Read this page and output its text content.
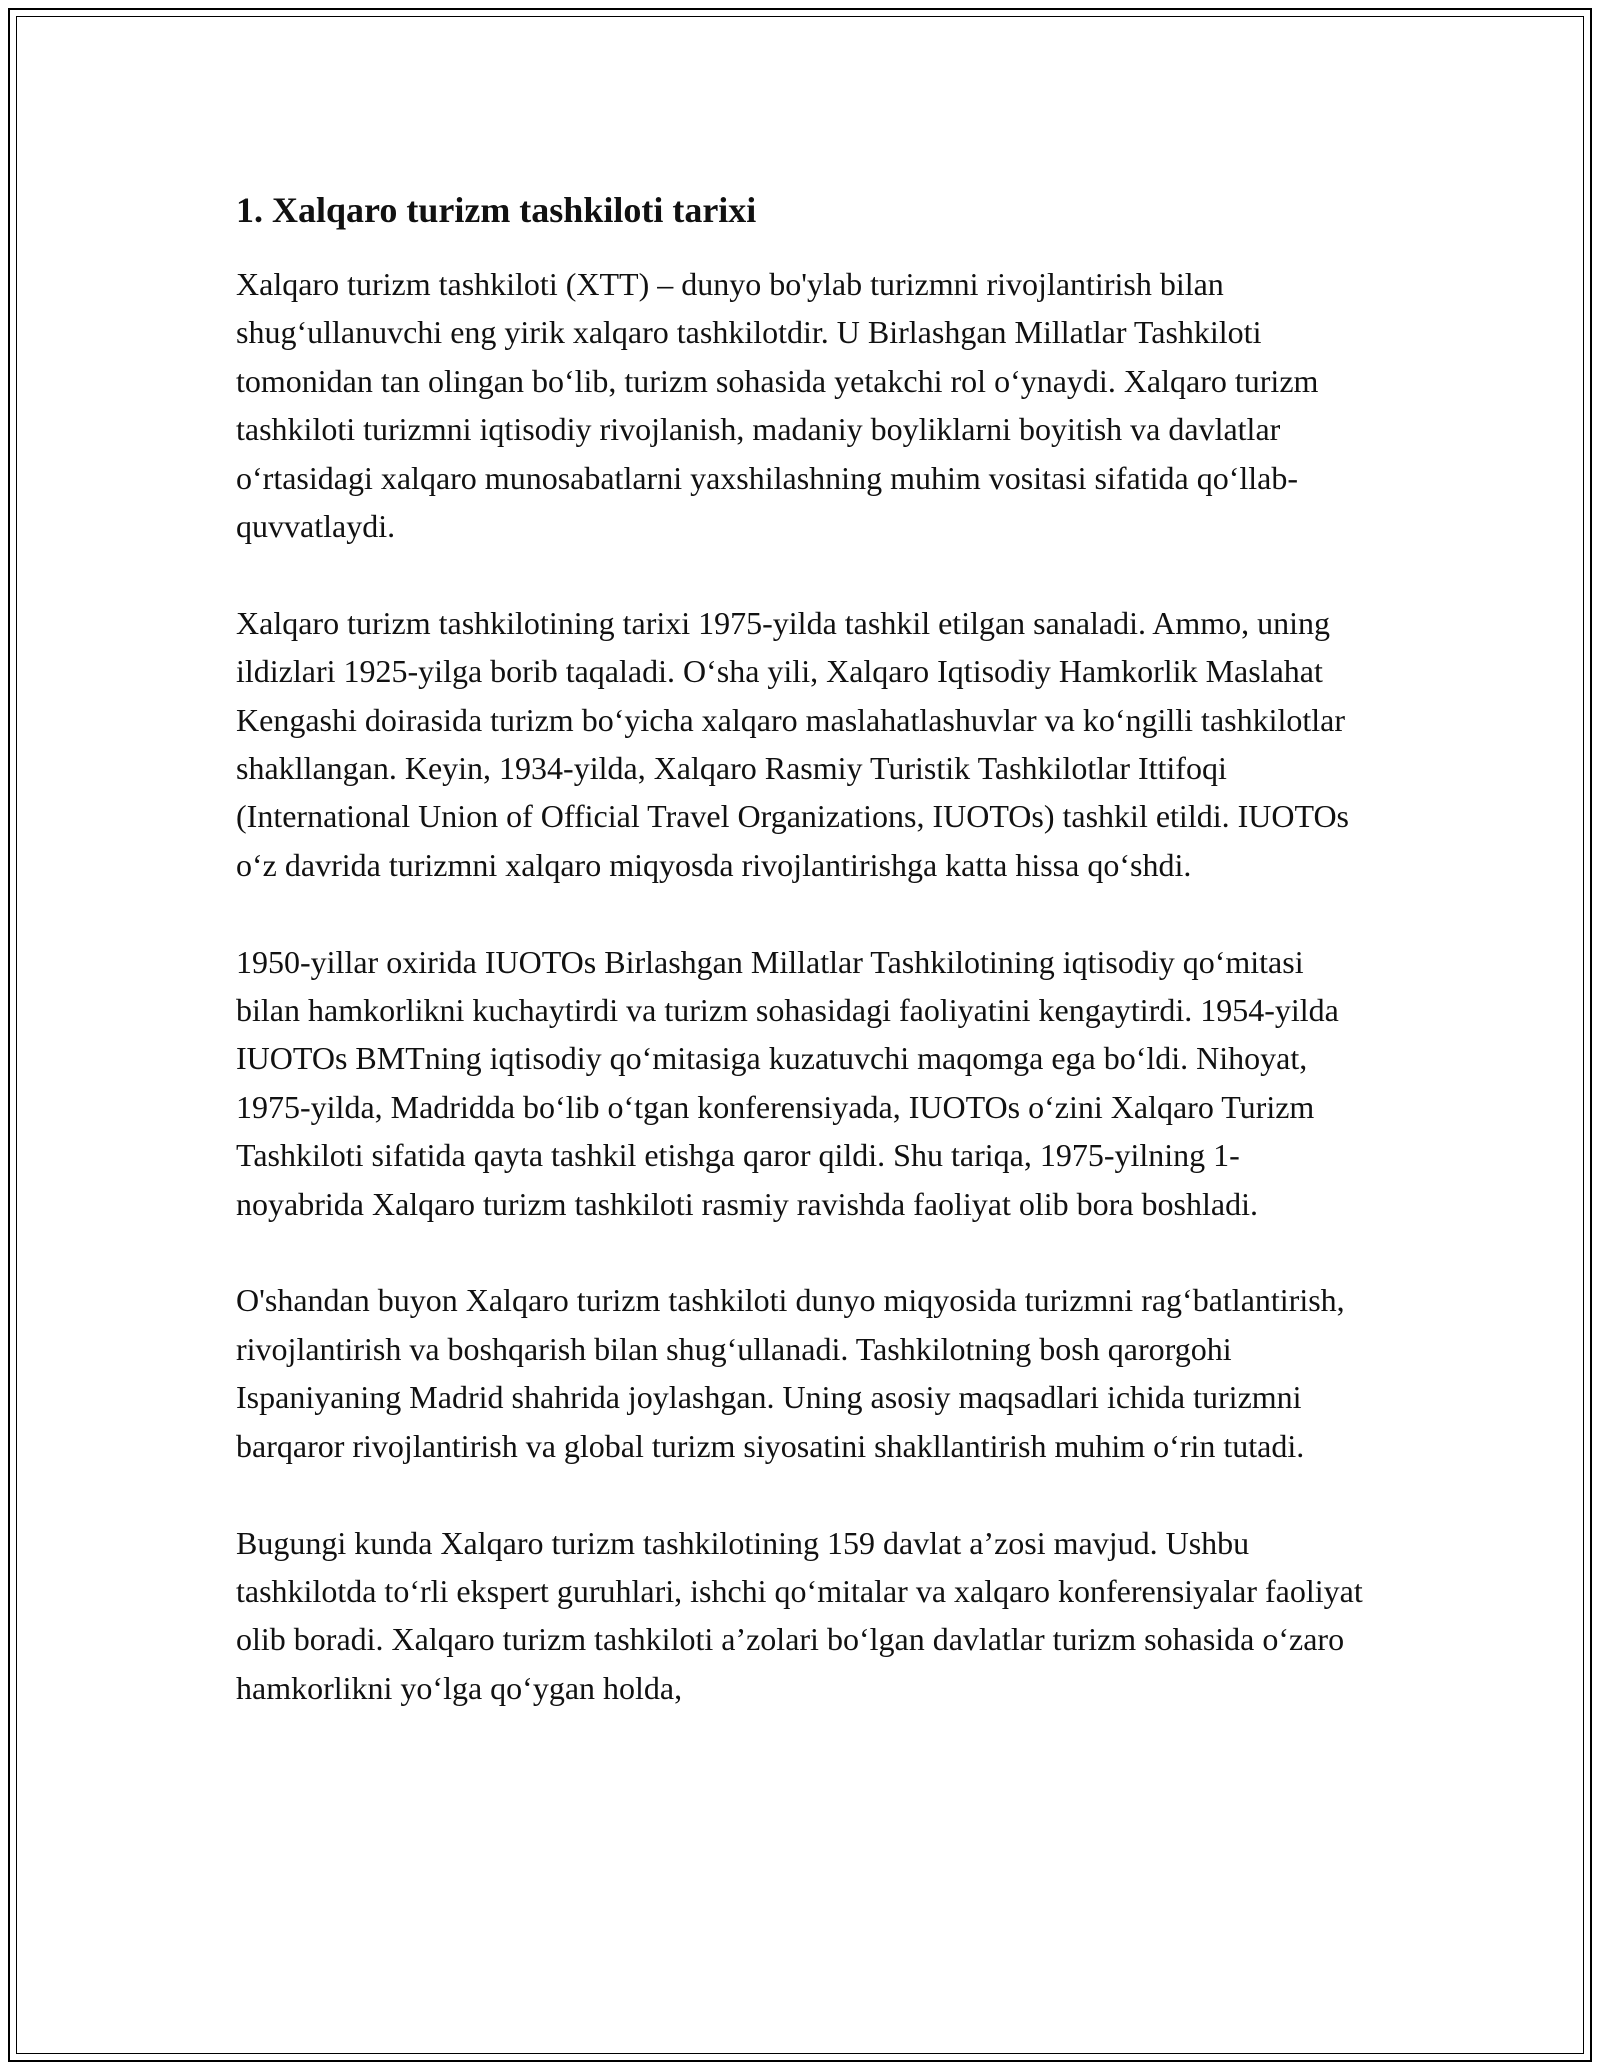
1. Xalqaro turizm tashkiloti tarixi

Xalqaro turizm tashkiloti (XTT) – dunyo bo'ylab turizmni rivojlantirish bilan shugʻullanuvchi eng yirik xalqaro tashkilotdir. U Birlashgan Millatlar Tashkiloti tomonidan tan olingan boʻlib, turizm sohasida yetakchi rol oʻynaydi. Xalqaro turizm tashkiloti turizmni iqtisodiy rivojlanish, madaniy boyliklarni boyitish va davlatlar oʻrtasidagi xalqaro munosabatlarni yaxshilashning muhim vositasi sifatida qoʻllab-quvvatlaydi.

Xalqaro turizm tashkilotining tarixi 1975-yilda tashkil etilgan sanaladi. Ammo, uning ildizlari 1925-yilga borib taqaladi. Oʻsha yili, Xalqaro Iqtisodiy Hamkorlik Maslahat Kengashi doirasida turizm boʻyicha xalqaro maslahatlashuvlar va koʻngilli tashkilotlar shakllangan. Keyin, 1934-yilda, Xalqaro Rasmiy Turistik Tashkilotlar Ittifoqi (International Union of Official Travel Organizations, IUOTOs) tashkil etildi. IUOTOs oʻz davrida turizmni xalqaro miqyosda rivojlantirishga katta hissa qoʻshdi.

1950-yillar oxirida IUOTOs Birlashgan Millatlar Tashkilotining iqtisodiy qoʻmitasi bilan hamkorlikni kuchaytirdi va turizm sohasidagi faoliyatini kengaytirdi. 1954-yilda IUOTOs BMTning iqtisodiy qoʻmitasiga kuzatuvchi maqomga ega boʻldi. Nihoyat, 1975-yilda, Madridda boʻlib oʻtgan konferensiyada, IUOTOs oʻzini Xalqaro Turizm Tashkiloti sifatida qayta tashkil etishga qaror qildi. Shu tariqa, 1975-yilning 1-noyabrida Xalqaro turizm tashkiloti rasmiy ravishda faoliyat olib bora boshladi.

O'shandan buyon Xalqaro turizm tashkiloti dunyo miqyosida turizmni ragʻbatlantirish, rivojlantirish va boshqarish bilan shugʻullanadi. Tashkilotning bosh qarorgohi Ispaniyaning Madrid shahrida joylashgan. Uning asosiy maqsadlari ichida turizmni barqaror rivojlantirish va global turizm siyosatini shakllantirish muhim oʻrin tutadi.

Bugungi kunda Xalqaro turizm tashkilotining 159 davlat a’zosi mavjud. Ushbu tashkilotda toʻrli ekspert guruhlari, ishchi qoʻmitalar va xalqaro konferensiyalar faoliyat olib boradi. Xalqaro turizm tashkiloti a’zolari boʻlgan davlatlar turizm sohasida oʻzaro hamkorlikni yoʻlga qoʻygan holda,
